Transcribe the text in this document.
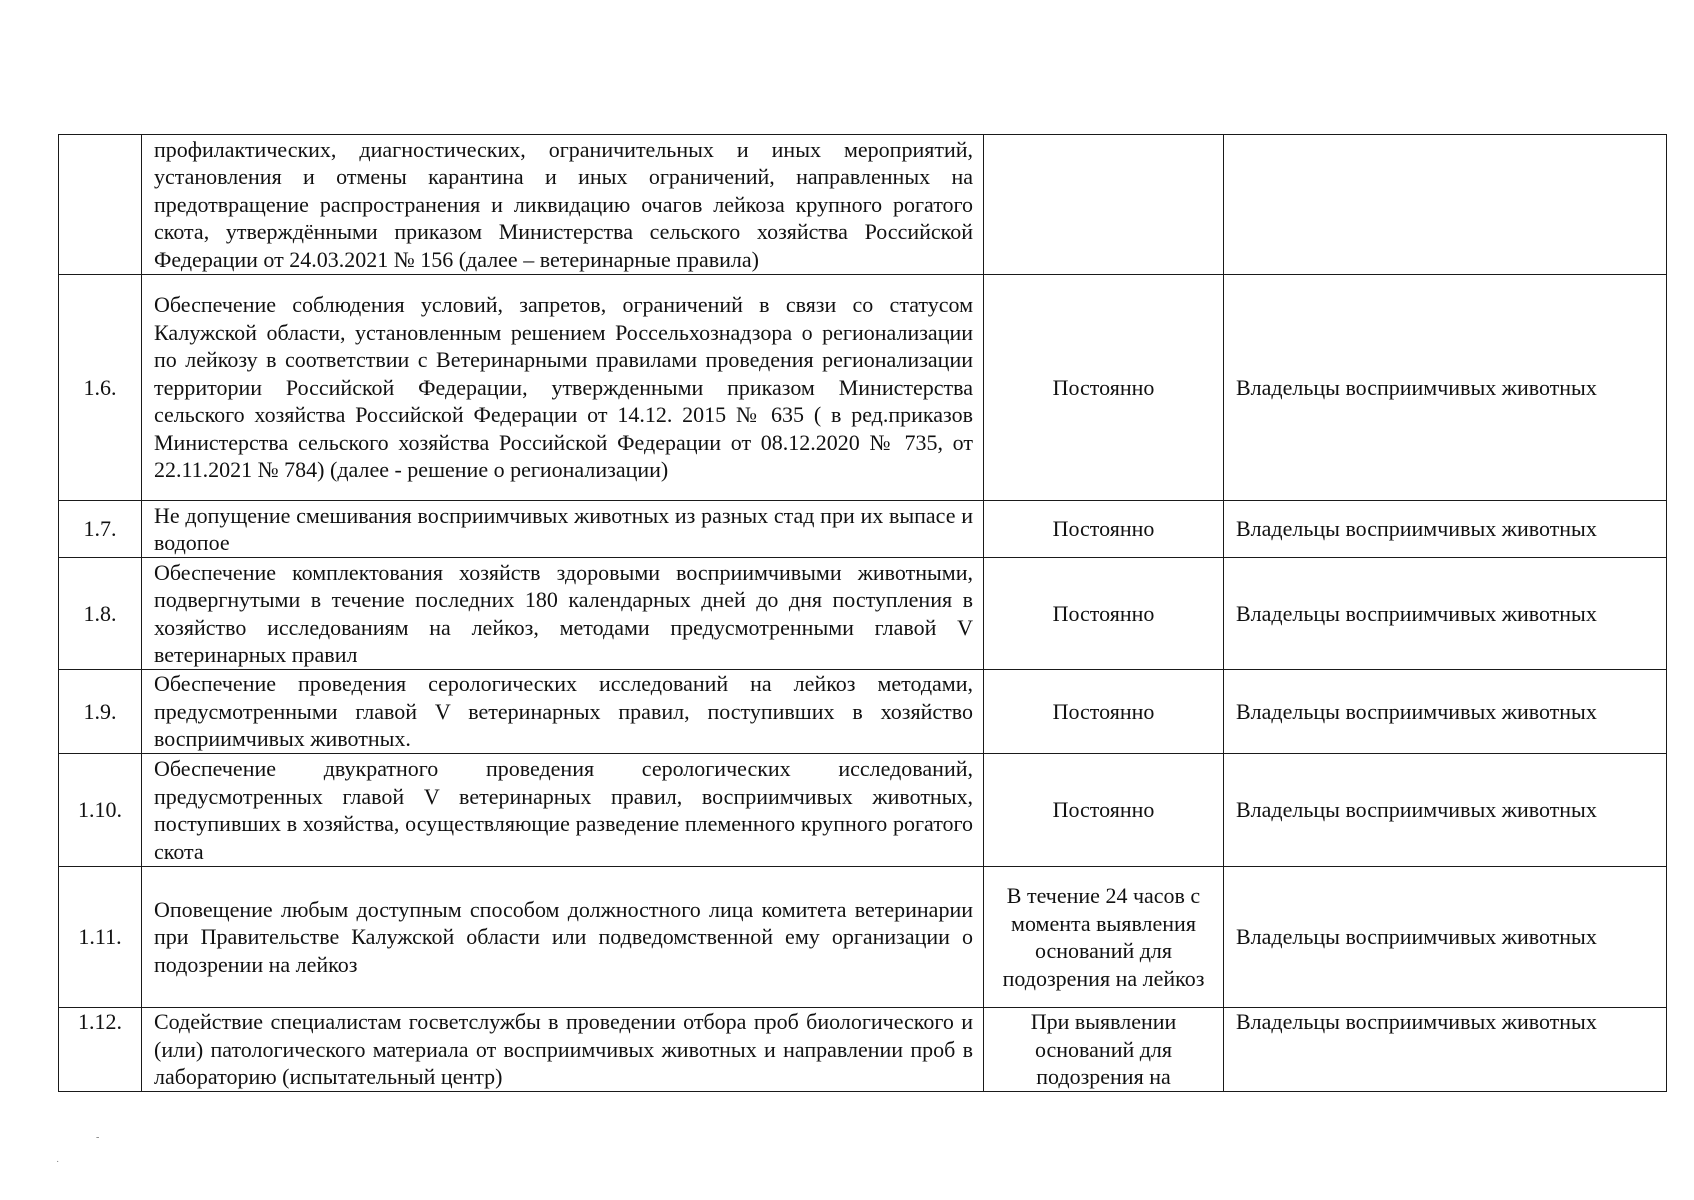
	профилактических, диагностических, ограничительных и иных мероприятий, установления и отмены карантина и иных ограничений, направленных на предотвращение распространения и ликвидацию очагов лейкоза крупного рогатого скота, утверждёнными приказом Министерства сельского хозяйства Российской Федерации от 24.03.2021 № 156 (далее – ветеринарные правила)		
1.6.	Обеспечение соблюдения условий, запретов, ограничений в связи со статусом Калужской области, установленным решением Россельхознадзора о регионализации по лейкозу в соответствии с Ветеринарными правилами проведения регионализации территории Российской Федерации, утвержденными приказом Министерства сельского хозяйства Российской Федерации от 14.12. 2015 № 635 ( в ред.приказов Министерства сельского хозяйства Российской Федерации от 08.12.2020 № 735, от 22.11.2021 № 784) (далее - решение о регионализации)	Постоянно	Владельцы восприимчивых животных
1.7.	Не допущение смешивания восприимчивых животных из разных стад при их выпасе и водопое	Постоянно	Владельцы восприимчивых животных
1.8.	Обеспечение комплектования хозяйств здоровыми восприимчивыми животными, подвергнутыми в течение последних 180 календарных дней до дня поступления в хозяйство исследованиям на лейкоз, методами предусмотренными главой V ветеринарных правил	Постоянно	Владельцы восприимчивых животных
1.9.	Обеспечение проведения серологических исследований на лейкоз методами, предусмотренными главой V ветеринарных правил, поступивших в хозяйство восприимчивых животных.	Постоянно	Владельцы восприимчивых животных
1.10.	Обеспечение двукратного проведения серологических исследований, предусмотренных главой V ветеринарных правил, восприимчивых животных, поступивших в хозяйства, осуществляющие разведение племенного крупного рогатого скота	Постоянно	Владельцы восприимчивых животных
1.11.	Оповещение любым доступным способом должностного лица комитета ветеринарии при Правительстве Калужской области или подведомственной ему организации о подозрении на лейкоз	В течение 24 часов с момента выявления оснований для подозрения на лейкоз	Владельцы восприимчивых животных
1.12.	Содействие специалистам госветслужбы в проведении отбора проб биологического и (или) патологического материала от восприимчивых животных и направлении проб в лабораторию (испытательный центр)	При выявлении оснований для подозрения на	Владельцы восприимчивых животных
-
˙
